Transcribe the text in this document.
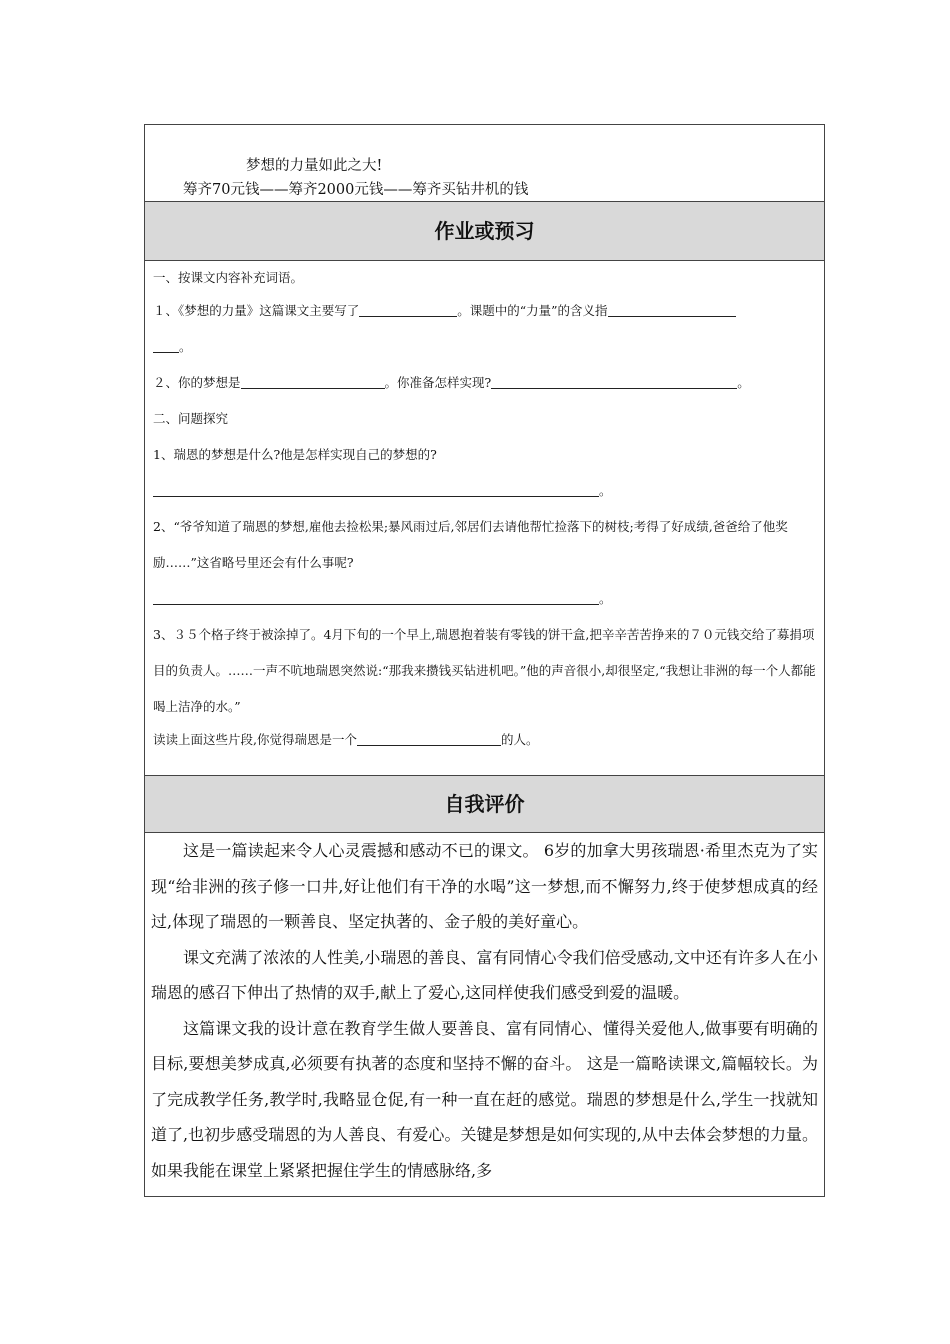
梦想的力量如此之大!
筹齐70元钱——筹齐2000元钱——筹齐买钻井机的钱
作业或预习
一、按课文内容补充词语。
１、《梦想的力量》这篇课文主要写了	。课题中的“力量”的含义指
。
２、你的梦想是	。你准备怎样实现?	。
二、问题探究
1、瑞恩的梦想是什么?他是怎样实现自己的梦想的?
。
2、“爷爷知道了瑞恩的梦想,雇他去捡松果;暴风雨过后,邻居们去请他帮忙捡落下的树枝;考得了好成绩,爸爸给了他奖励……”这省略号里还会有什么事呢?
。
3、３５个格子终于被涂掉了。4月下旬的一个早上,瑞恩抱着装有零钱的饼干盒,把辛辛苦苦挣来的７０元钱交给了募捐项目的负责人。……一声不吭地瑞恩突然说:“那我来攒钱买钻进机吧。”他的声音很小,却很坚定,“我想让非洲的每一个人都能喝上洁净的水。”
读读上面这些片段,你觉得瑞恩是一个	的人。
自我评价

这是一篇读起来令人心灵震撼和感动不已的课文。 6岁的加拿大男孩瑞恩·希里杰克为了实现“给非洲的孩子修一口井,好让他们有干净的水喝”这一梦想,而不懈努力,终于使梦想成真的经过,体现了瑞恩的一颗善良、坚定执著的、金子般的美好童心。

课文充满了浓浓的人性美,小瑞恩的善良、富有同情心令我们倍受感动,文中还有许多人在小瑞恩的感召下伸出了热情的双手,献上了爱心,这同样使我们感受到爱的温暖。

这篇课文我的设计意在教育学生做人要善良、富有同情心、懂得关爱他人,做事要有明确的目标,要想美梦成真,必须要有执著的态度和坚持不懈的奋斗。 这是一篇略读课文,篇幅较长。为了完成教学任务,教学时,我略显仓促,有一种一直在赶的感觉。瑞恩的梦想是什么,学生一找就知道了,也初步感受瑞恩的为人善良、有爱心。关键是梦想是如何实现的,从中去体会梦想的力量。如果我能在课堂上紧紧把握住学生的情感脉络,多
